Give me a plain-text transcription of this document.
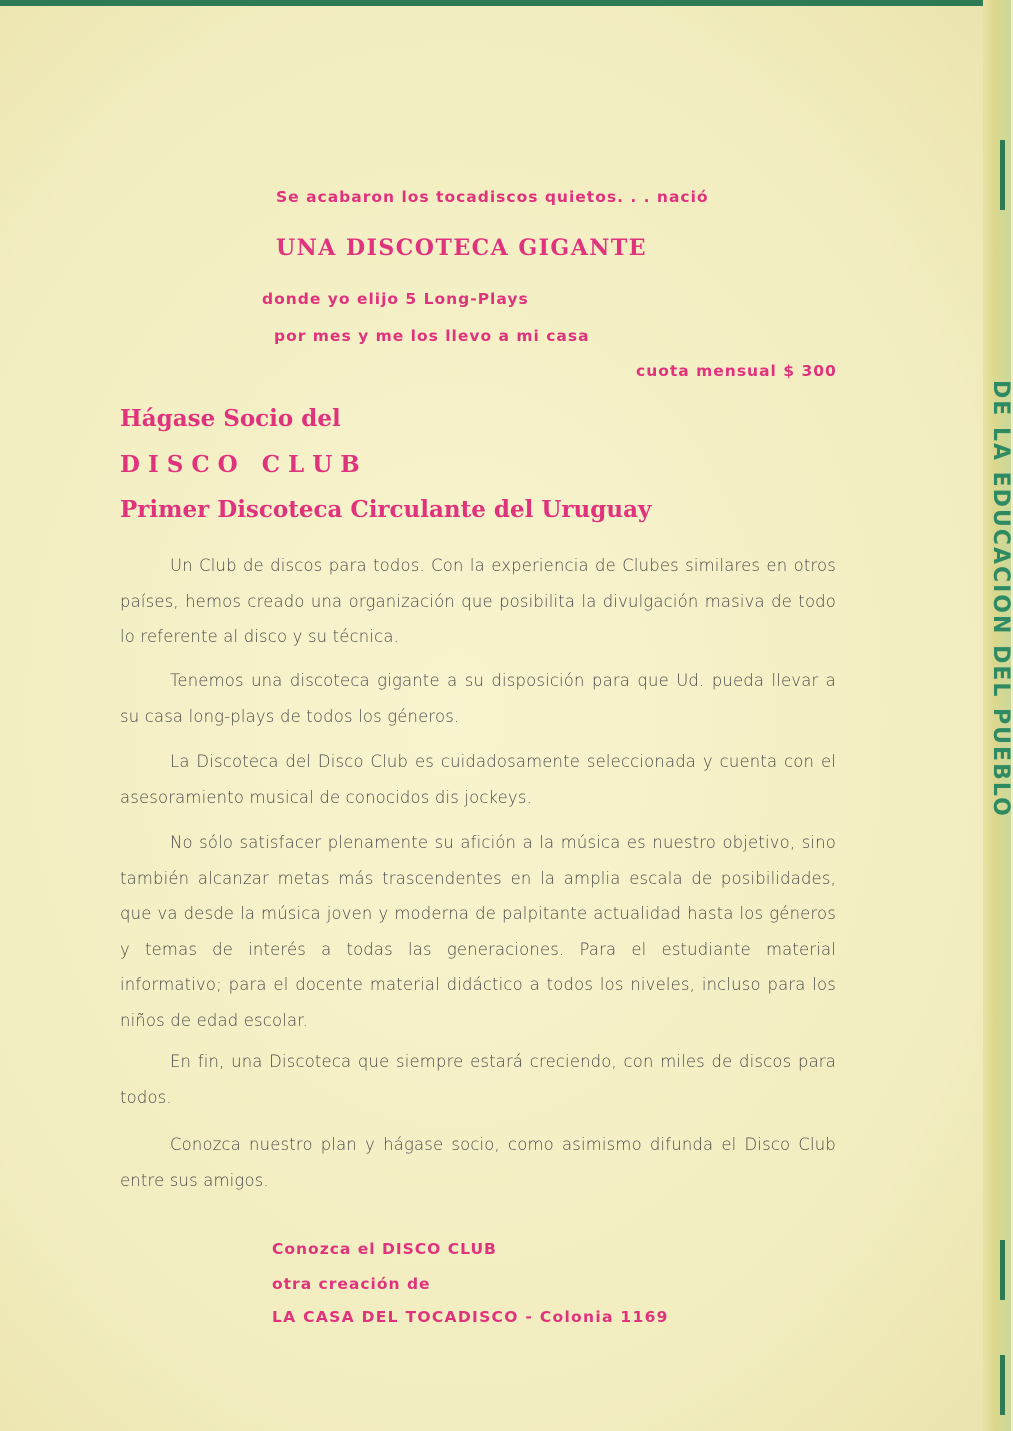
DE LA EDUCACION DEL PUEBLO

Se acabaron los tocadiscos quietos. . . nació

UNA DISCOTECA GIGANTE

donde yo elijo 5 Long-Plays

por mes y me los llevo a mi casa

cuota mensual $ 300

Hágase Socio del

D I S C O   C L U B

Primer Discoteca Circulante del Uruguay

Un Club de discos para todos. Con la experiencia de Clubes similares en otros países, hemos creado una organización que posibilita la divulgación masiva de todo lo referente al disco y su técnica.

Tenemos una discoteca gigante a su disposición para que Ud. pueda llevar a su casa long-plays de todos los géneros.

La Discoteca del Disco Club es cuidadosamente seleccionada y cuenta con el asesoramiento musical de conocidos dis jockeys.

No sólo satisfacer plenamente su afición a la música es nuestro objetivo, sino también alcanzar metas más trascendentes en la amplia escala de posibilidades, que va desde la música joven y moderna de palpitante actualidad hasta los géneros y temas de interés a todas las generaciones. Para el estudiante material informativo; para el docente material didáctico a todos los niveles, incluso para los niños de edad escolar.

En fin, una Discoteca que siempre estará creciendo, con miles de discos para todos.

Conozca nuestro plan y hágase socio, como asimismo difunda el Disco Club entre sus amigos.

Conozca el DISCO CLUB

otra creación de

LA CASA DEL TOCADISCO - Colonia 1169
